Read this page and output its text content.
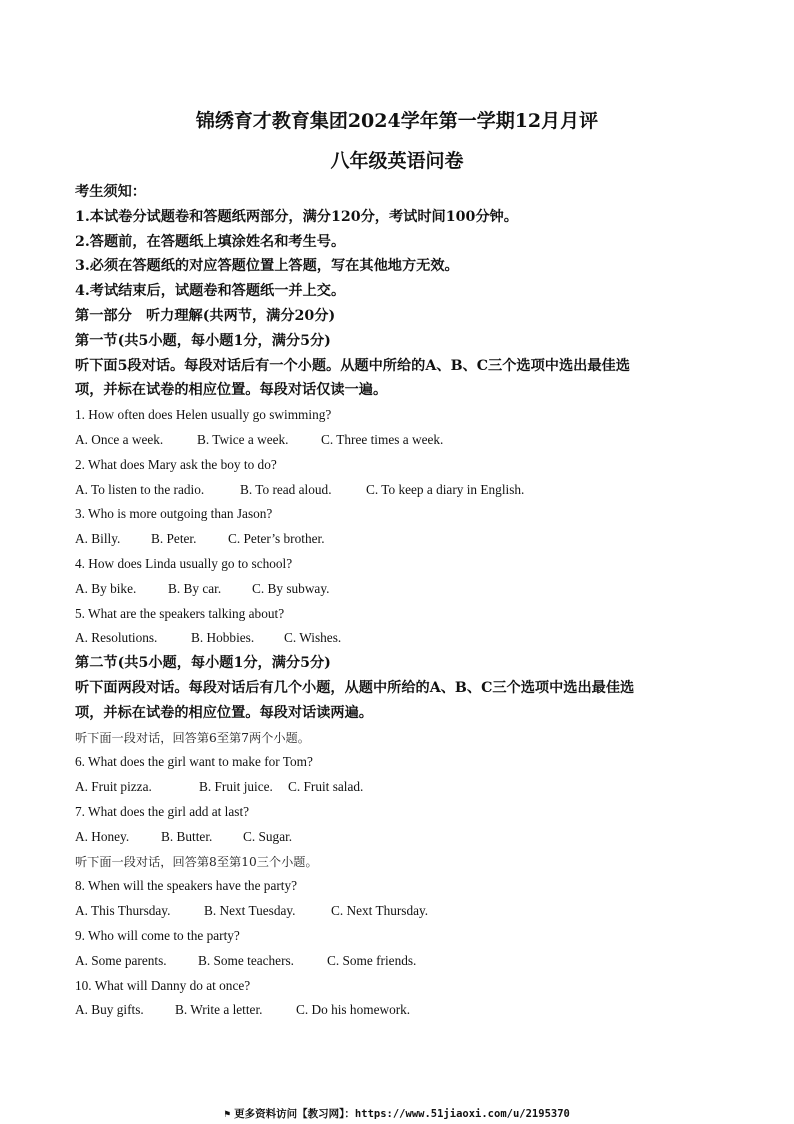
锦绣育才教育集团2024学年第一学期12月月评
八年级英语问卷
考生须知：
1.本试卷分试题卷和答题纸两部分，满分120分，考试时间100分钟。
2.答题前，在答题纸上填涂姓名和考生号。
3.必须在答题纸的对应答题位置上答题，写在其他地方无效。
4.考试结束后，试题卷和答题纸一并上交。
第一部分　听力理解(共两节，满分20分)
第一节(共5小题，每小题1分，满分5分)
听下面5段对话。每段对话后有一个小题。从题中所给的A、B、C三个选项中选出最佳选
项，并标在试卷的相应位置。每段对话仅读一遍。
1. How often does Helen usually go swimming?
A. Once a week.	B. Twice a week. C. Three times a week.
2. What does Mary ask the boy to do?
A. To listen to the radio.	B. To read aloud.	C. To keep a diary in English.
3. Who is more outgoing than Jason?
A. Billy. B. Peter. C. Peter’s brother.
4. How does Linda usually go to school?
A. By bike. B. By car. C. By subway.
5. What are the speakers talking about?
A. Resolutions.	B. Hobbies. C. Wishes.
第二节(共5小题，每小题1分，满分5分)
听下面两段对话。每段对话后有几个小题，从题中所给的A、B、C三个选项中选出最佳选
项，并标在试卷的相应位置。每段对话读两遍。
听下面一段对话，回答第6至第7两个小题。
6. What does the girl want to make for Tom?
A. Fruit pizza.	B. Fruit juice. C. Fruit salad.
7. What does the girl add at last?
A. Honey. B. Butter. C. Sugar.
听下面一段对话，回答第8至第10三个小题。
8. When will the speakers have the party?
A. This Thursday.	B. Next Tuesday.	C. Next Thursday.
9. Who will come to the party?
A. Some parents. B. Some teachers. C. Some friends.
10. What will Danny do at once?
A. Buy gifts. B. Write a letter.	C. Do his homework.
⚑ 更多资料访问【教习网】：https://www.51jiaoxi.com/u/2195370
